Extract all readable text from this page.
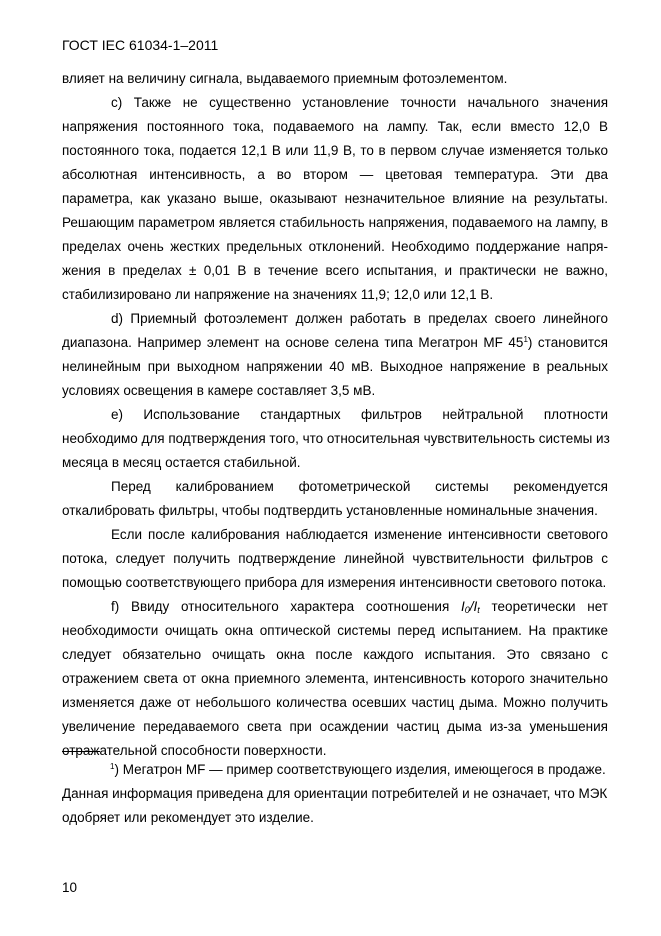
ГОСТ IEC 61034-1–2011
влияет на величину сигнала, выдаваемого приемным фотоэлементом.
c) Также не существенно установление точности начального значения
напряжения постоянного тока, подаваемого на лампу. Так, если вместо 12,0 В
постоянного тока, подается 12,1 В или 11,9 В, то в первом случае изменяется только
абсолютная интенсивность, а во втором — цветовая температура. Эти два
параметра, как указано выше, оказывают незначительное влияние на результаты.
Решающим параметром является стабильность напряжения, подаваемого на лампу, в
пределах очень жестких предельных отклонений. Необходимо поддержание напря-
жения в пределах ± 0,01 В в течение всего испытания, и практически не важно,
стабилизировано ли напряжение на значениях 11,9; 12,0 или 12,1 В.
d) Приемный фотоэлемент должен работать в пределах своего линейного
диапазона. Например элемент на основе селена типа Мегатрон MF $45^1$) становится
нелинейным при выходном напряжении 40 мВ. Выходное напряжение в реальных
условиях освещения в камере составляет 3,5 мВ.
e) Использование стандартных фильтров нейтральной плотности
необходимо для подтверждения того, что относительная чувствительность системы из
месяца в месяц остается стабильной.
Перед калиброванием фотометрической системы рекомендуется
откалибровать фильтры, чтобы подтвердить установленные номинальные значения.
Если после калибрования наблюдается изменение интенсивности светового
потока, следует получить подтверждение линейной чувствительности фильтров с
помощью соответствующего прибора для измерения интенсивности светового потока.
f) Ввиду относительного характера соотношения $I_0/I_t$ теоретически нет
необходимости очищать окна оптической системы перед испытанием. На практике
следует обязательно очищать окна после каждого испытания. Это связано с
отражением света от окна приемного элемента, интенсивность которого значительно
изменяется даже от небольшого количества осевших частиц дыма. Можно получить
увеличение передаваемого света при осаждении частиц дыма из-за уменьшения
отражательной способности поверхности.
$^1$) Мегатрон MF — пример соответствующего изделия, имеющегося в продаже.
Данная информация приведена для ориентации потребителей и не означает, что МЭК
одобряет или рекомендует это изделие.
10
